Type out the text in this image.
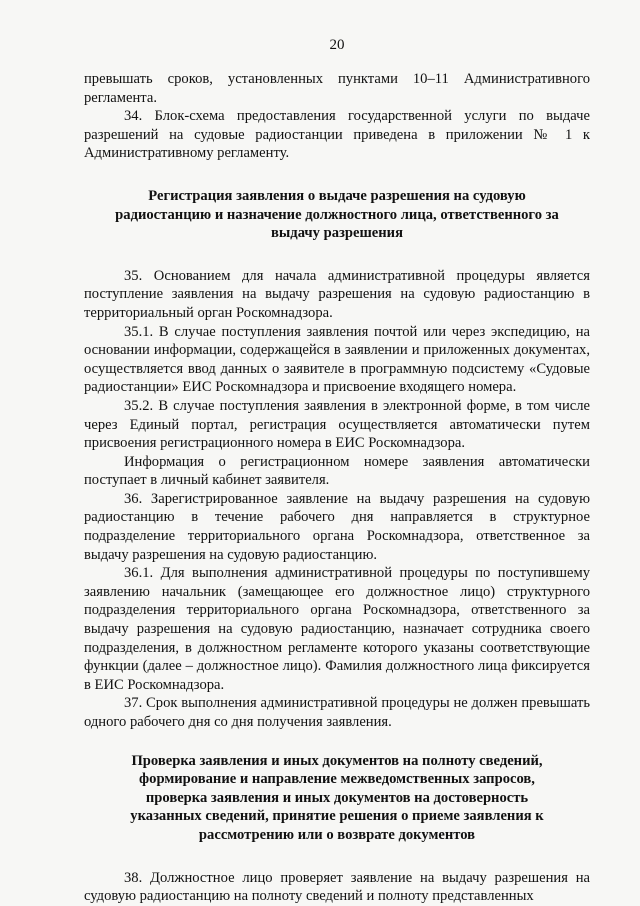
20

превышать сроков, установленных пунктами 10–11 Административного регламента.

34. Блок-схема предоставления государственной услуги по выдаче разрешений на судовые радиостанции приведена в приложении № 1 к Административному регламенту.

Регистрация заявления о выдаче разрешения на судовую
радиостанцию и назначение должностного лица, ответственного за
выдачу разрешения

35. Основанием для начала административной процедуры является поступление заявления на выдачу разрешения на судовую радиостанцию в территориальный орган Роскомнадзора.

35.1. В случае поступления заявления почтой или через экспедицию, на основании информации, содержащейся в заявлении и приложенных документах, осуществляется ввод данных о заявителе в программную подсистему «Судовые радиостанции» ЕИС Роскомнадзора и присвоение входящего номера.

35.2. В случае поступления заявления в электронной форме, в том числе через Единый портал, регистрация осуществляется автоматически путем присвоения регистрационного номера в ЕИС Роскомнадзора.

Информация о регистрационном номере заявления автоматически поступает в личный кабинет заявителя.

36. Зарегистрированное заявление на выдачу разрешения на судовую радиостанцию в течение рабочего дня направляется в структурное подразделение территориального органа Роскомнадзора, ответственное за выдачу разрешения на судовую радиостанцию.

36.1. Для выполнения административной процедуры по поступившему заявлению начальник (замещающее его должностное лицо) структурного подразделения территориального органа Роскомнадзора, ответственного за выдачу разрешения на судовую радиостанцию, назначает сотрудника своего подразделения, в должностном регламенте которого указаны соответствующие функции (далее – должностное лицо). Фамилия должностного лица фиксируется в ЕИС Роскомнадзора.

37. Срок выполнения административной процедуры не должен превышать одного рабочего дня со дня получения заявления.

Проверка заявления и иных документов на полноту сведений,
формирование и направление межведомственных запросов,
проверка заявления и иных документов на достоверность
указанных сведений, принятие решения о приеме заявления к
рассмотрению или о возврате документов

38. Должностное лицо проверяет заявление на выдачу разрешения на судовую радиостанцию на полноту сведений и полноту представленных
